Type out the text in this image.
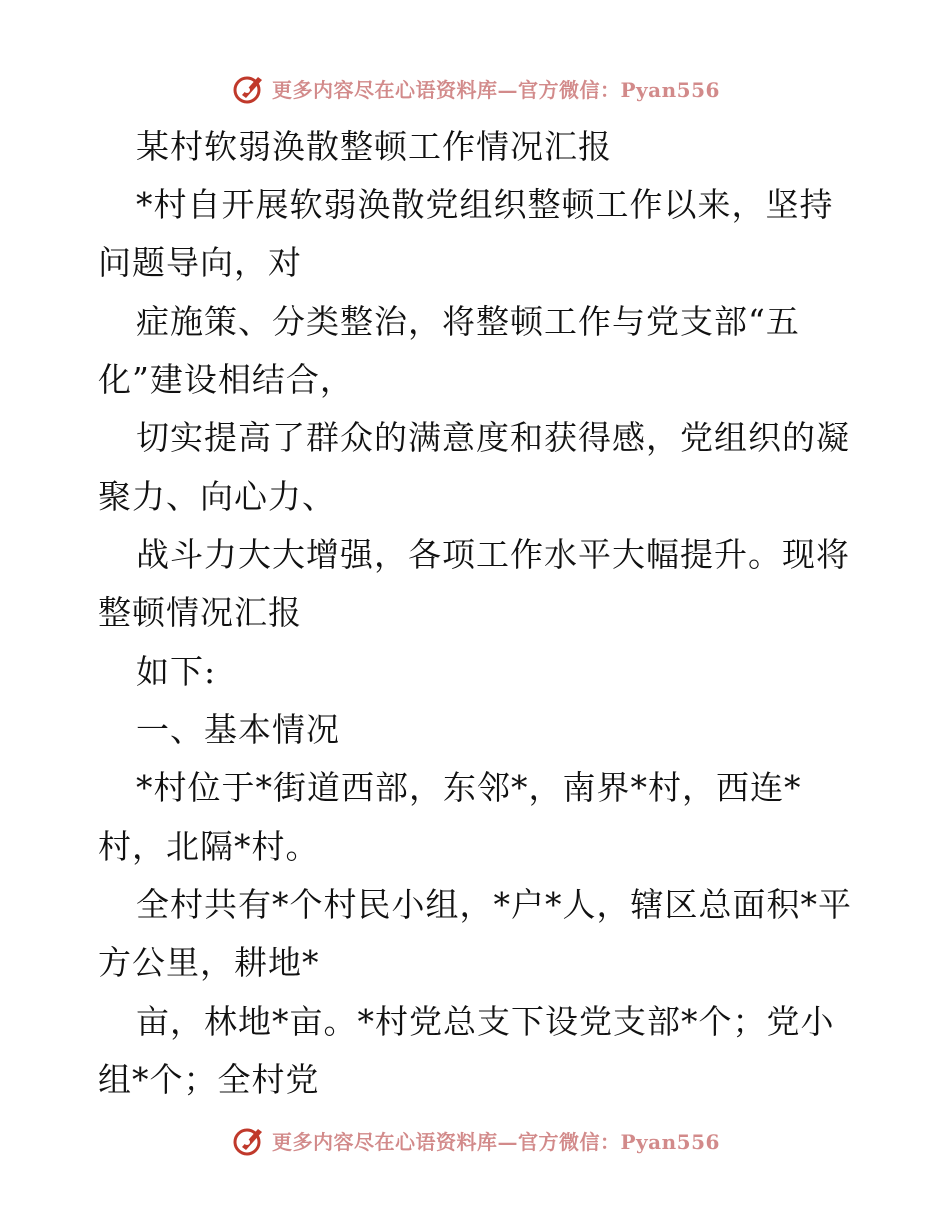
更多内容尽在心语资料库—官方微信：Pyan556
某村软弱涣散整顿工作情况汇报
*村自开展软弱涣散党组织整顿工作以来，坚持
问题导向，对
症施策、分类整治，将整顿工作与党支部“五
化”建设相结合，
切实提高了群众的满意度和获得感，党组织的凝
聚力、向心力、
战斗力大大增强，各项工作水平大幅提升。现将
整顿情况汇报
如下:
一、基本情况
*村位于*街道西部，东邻*，南界*村，西连*
村，北隔*村。
全村共有*个村民小组，*户*人，辖区总面积*平
方公里，耕地*
亩，林地*亩。*村党总支下设党支部*个；党小
组*个；全村党
更多内容尽在心语资料库—官方微信：Pyan556
